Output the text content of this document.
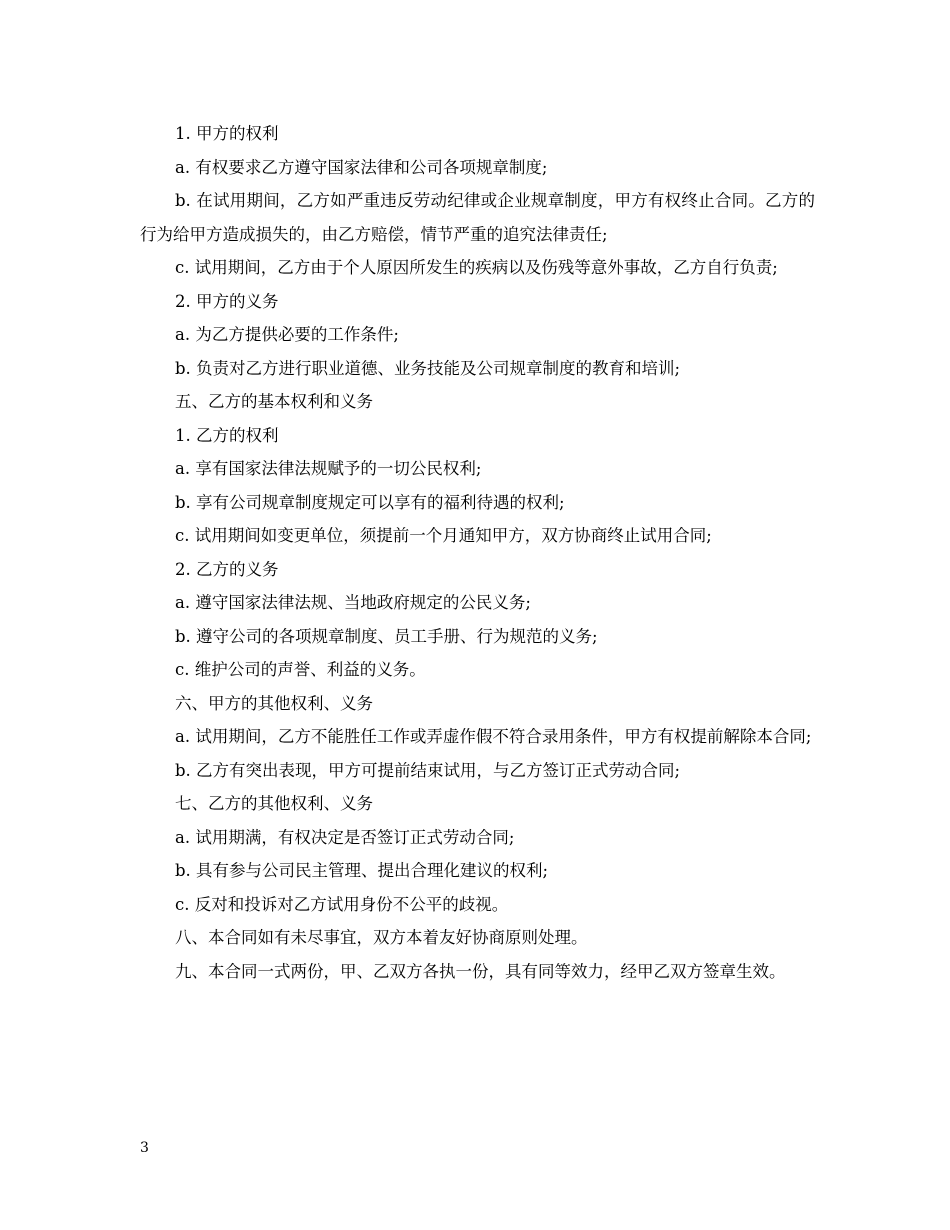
1. 甲方的权利

a. 有权要求乙方遵守国家法律和公司各项规章制度;

b. 在试用期间，乙方如严重违反劳动纪律或企业规章制度，甲方有权终止合同。乙方的行为给甲方造成损失的，由乙方赔偿，情节严重的追究法律责任;

c. 试用期间，乙方由于个人原因所发生的疾病以及伤残等意外事故，乙方自行负责;

2. 甲方的义务

a. 为乙方提供必要的工作条件;

b. 负责对乙方进行职业道德、业务技能及公司规章制度的教育和培训;

五、乙方的基本权利和义务

1. 乙方的权利

a. 享有国家法律法规赋予的一切公民权利;

b. 享有公司规章制度规定可以享有的福利待遇的权利;

c. 试用期间如变更单位，须提前一个月通知甲方，双方协商终止试用合同;

2. 乙方的义务

a. 遵守国家法律法规、当地政府规定的公民义务;

b. 遵守公司的各项规章制度、员工手册、行为规范的义务;

c. 维护公司的声誉、利益的义务。

六、甲方的其他权利、义务

a. 试用期间，乙方不能胜任工作或弄虚作假不符合录用条件，甲方有权提前解除本合同;

b. 乙方有突出表现，甲方可提前结束试用，与乙方签订正式劳动合同;

七、乙方的其他权利、义务

a. 试用期满，有权决定是否签订正式劳动合同;

b. 具有参与公司民主管理、提出合理化建议的权利;

c. 反对和投诉对乙方试用身份不公平的歧视。

八、本合同如有未尽事宜，双方本着友好协商原则处理。

九、本合同一式两份，甲、乙双方各执一份，具有同等效力，经甲乙双方签章生效。

3
